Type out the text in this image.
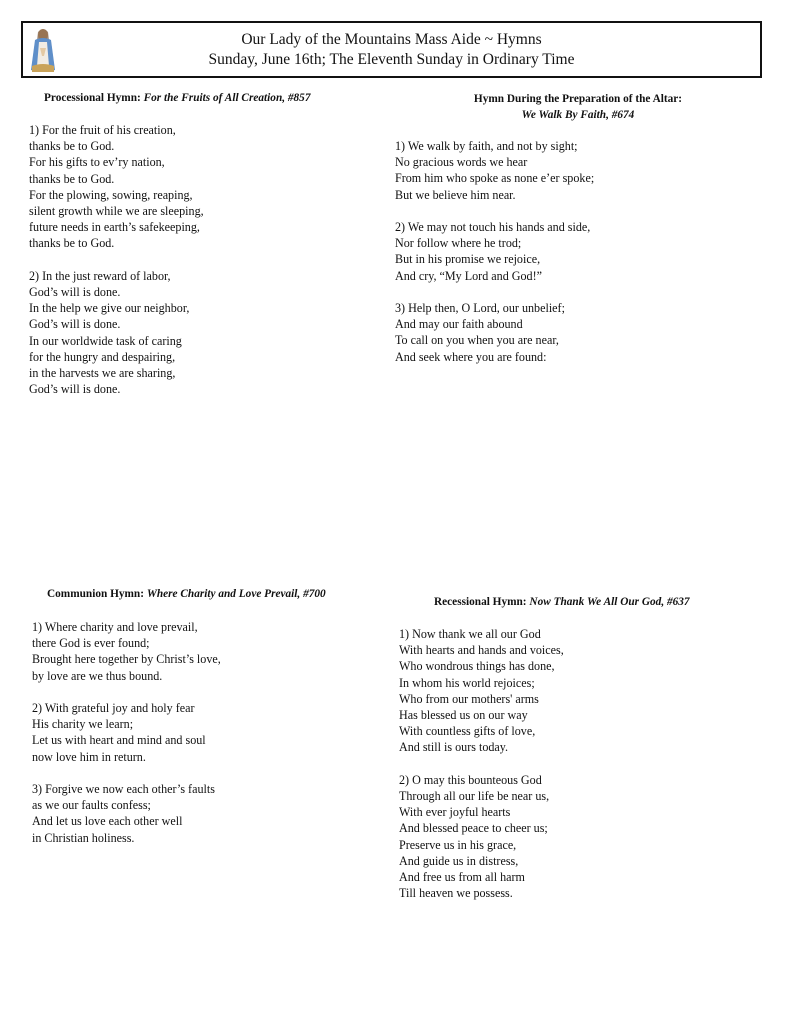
Our Lady of the Mountains Mass Aide ~ Hymns
Sunday, June 16th; The Eleventh Sunday in Ordinary Time
Processional Hymn: For the Fruits of All Creation, #857
1) For the fruit of his creation,
thanks be to God.
For his gifts to ev’ry nation,
thanks be to God.
For the plowing, sowing, reaping,
silent growth while we are sleeping,
future needs in earth’s safekeeping,
thanks be to God.
2) In the just reward of labor,
God’s will is done.
In the help we give our neighbor,
God’s will is done.
In our worldwide task of caring
for the hungry and despairing,
in the harvests we are sharing,
God’s will is done.
Hymn During the Preparation of the Altar:
We Walk By Faith, #674
1) We walk by faith, and not by sight;
No gracious words we hear
From him who spoke as none e’er spoke;
But we believe him near.
2) We may not touch his hands and side,
Nor follow where he trod;
But in his promise we rejoice,
And cry, “My Lord and God!”
3) Help then, O Lord, our unbelief;
And may our faith abound
To call on you when you are near,
And seek where you are found:
Communion Hymn: Where Charity and Love Prevail, #700
1) Where charity and love prevail,
there God is ever found;
Brought here together by Christ’s love,
by love are we thus bound.
2) With grateful joy and holy fear
His charity we learn;
Let us with heart and mind and soul
now love him in return.
3) Forgive we now each other’s faults
as we our faults confess;
And let us love each other well
in Christian holiness.
Recessional Hymn: Now Thank We All Our God, #637
1) Now thank we all our God
With hearts and hands and voices,
Who wondrous things has done,
In whom his world rejoices;
Who from our mothers' arms
Has blessed us on our way
With countless gifts of love,
And still is ours today.
2) O may this bounteous God
Through all our life be near us,
With ever joyful hearts
And blessed peace to cheer us;
Preserve us in his grace,
And guide us in distress,
And free us from all harm
Till heaven we possess.
